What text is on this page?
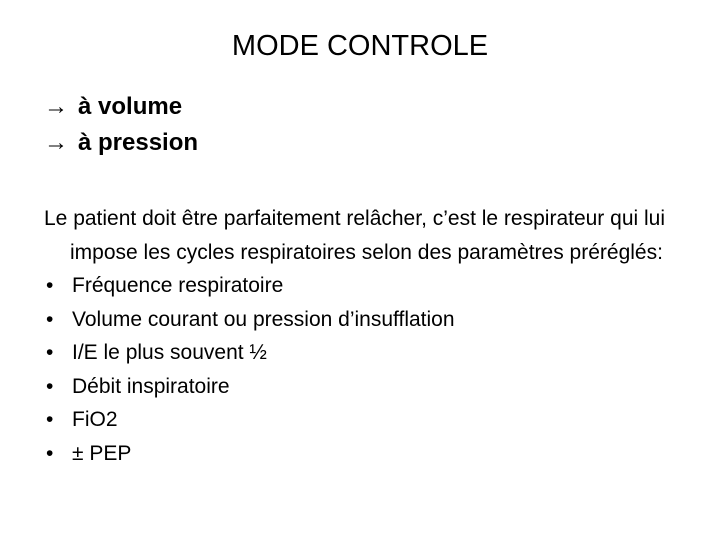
MODE CONTROLE
→ à volume
→ à pression

Le patient doit être parfaitement relâcher, c’est le respirateur qui lui impose les cycles respiratoires selon des paramètres préréglés:

• Fréquence respiratoire
• Volume courant ou pression d’insufflation
• I/E le plus souvent ½
• Débit inspiratoire
• FiO2
• ± PEP
